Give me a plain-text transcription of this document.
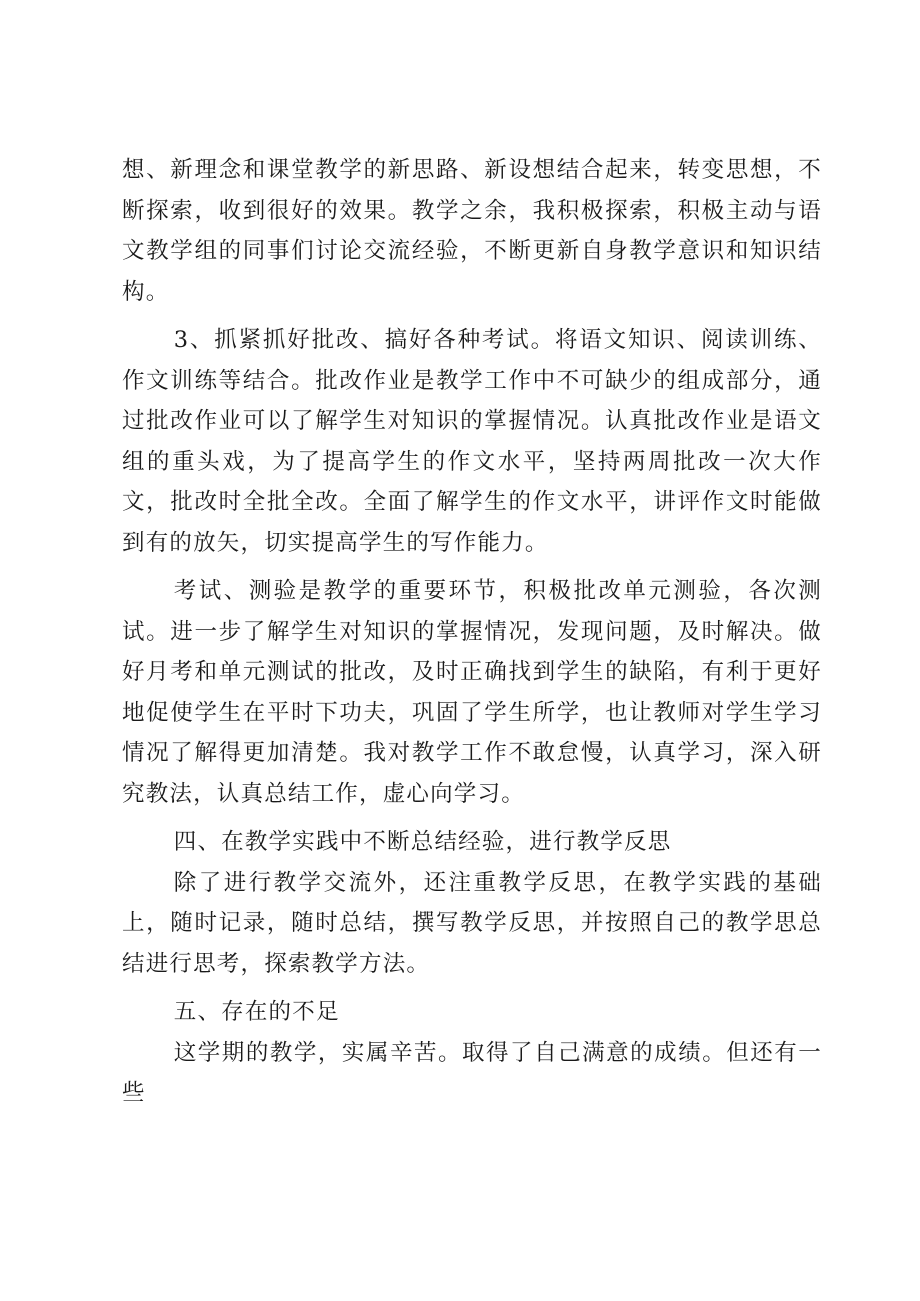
想、新理念和课堂教学的新思路、新设想结合起来，转变思想，不断探索，收到很好的效果。教学之余，我积极探索，积极主动与语文教学组的同事们讨论交流经验，不断更新自身教学意识和知识结构。

3、抓紧抓好批改、搞好各种考试。将语文知识、阅读训练、作文训练等结合。批改作业是教学工作中不可缺少的组成部分，通过批改作业可以了解学生对知识的掌握情况。认真批改作业是语文组的重头戏，为了提高学生的作文水平，坚持两周批改一次大作文，批改时全批全改。全面了解学生的作文水平，讲评作文时能做到有的放矢，切实提高学生的写作能力。

考试、测验是教学的重要环节，积极批改单元测验，各次测试。进一步了解学生对知识的掌握情况，发现问题，及时解决。做好月考和单元测试的批改，及时正确找到学生的缺陷，有利于更好地促使学生在平时下功夫，巩固了学生所学，也让教师对学生学习情况了解得更加清楚。我对教学工作不敢怠慢，认真学习，深入研究教法，认真总结工作，虚心向学习。

四、在教学实践中不断总结经验，进行教学反思

除了进行教学交流外，还注重教学反思，在教学实践的基础上，随时记录，随时总结，撰写教学反思，并按照自己的教学思总结进行思考，探索教学方法。

五、存在的不足

这学期的教学，实属辛苦。取得了自己满意的成绩。但还有一些
